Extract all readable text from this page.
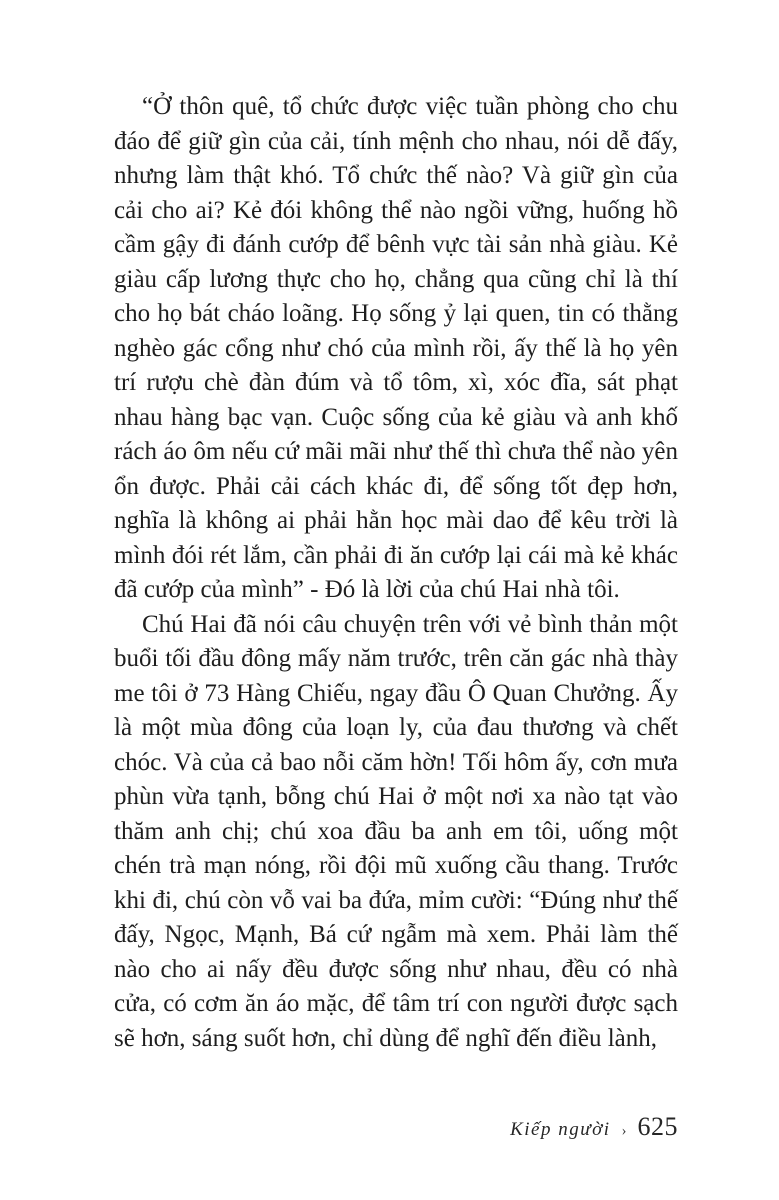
“Ở thôn quê, tổ chức được việc tuần phòng cho chu đáo để giữ gìn của cải, tính mệnh cho nhau, nói dễ đấy, nhưng làm thật khó. Tổ chức thế nào? Và giữ gìn của cải cho ai? Kẻ đói không thể nào ngồi vững, huống hồ cầm gậy đi đánh cướp để bênh vực tài sản nhà giàu. Kẻ giàu cấp lương thực cho họ, chẳng qua cũng chỉ là thí cho họ bát cháo loãng. Họ sống ỷ lại quen, tin có thằng nghèo gác cổng như chó của mình rồi, ấy thế là họ yên trí rượu chè đàn đúm và tổ tôm, xì, xóc đĩa, sát phạt nhau hàng bạc vạn. Cuộc sống của kẻ giàu và anh khố rách áo ôm nếu cứ mãi mãi như thế thì chưa thể nào yên ổn được. Phải cải cách khác đi, để sống tốt đẹp hơn, nghĩa là không ai phải hằn học mài dao để kêu trời là mình đói rét lắm, cần phải đi ăn cướp lại cái mà kẻ khác đã cướp của mình” - Đó là lời của chú Hai nhà tôi.

Chú Hai đã nói câu chuyện trên với vẻ bình thản một buổi tối đầu đông mấy năm trước, trên căn gác nhà thày me tôi ở 73 Hàng Chiếu, ngay đầu Ô Quan Chưởng. Ấy là một mùa đông của loạn ly, của đau thương và chết chóc. Và của cả bao nỗi căm hờn! Tối hôm ấy, cơn mưa phùn vừa tạnh, bỗng chú Hai ở một nơi xa nào tạt vào thăm anh chị; chú xoa đầu ba anh em tôi, uống một chén trà mạn nóng, rồi đội mũ xuống cầu thang. Trước khi đi, chú còn vỗ vai ba đứa, mỉm cười: “Đúng như thế đấy, Ngọc, Mạnh, Bá cứ ngẫm mà xem. Phải làm thế nào cho ai nấy đều được sống như nhau, đều có nhà cửa, có cơm ăn áo mặc, để tâm trí con người được sạch sẽ hơn, sáng suốt hơn, chỉ dùng để nghĩ đến điều lành,

Kiếp người › 625
